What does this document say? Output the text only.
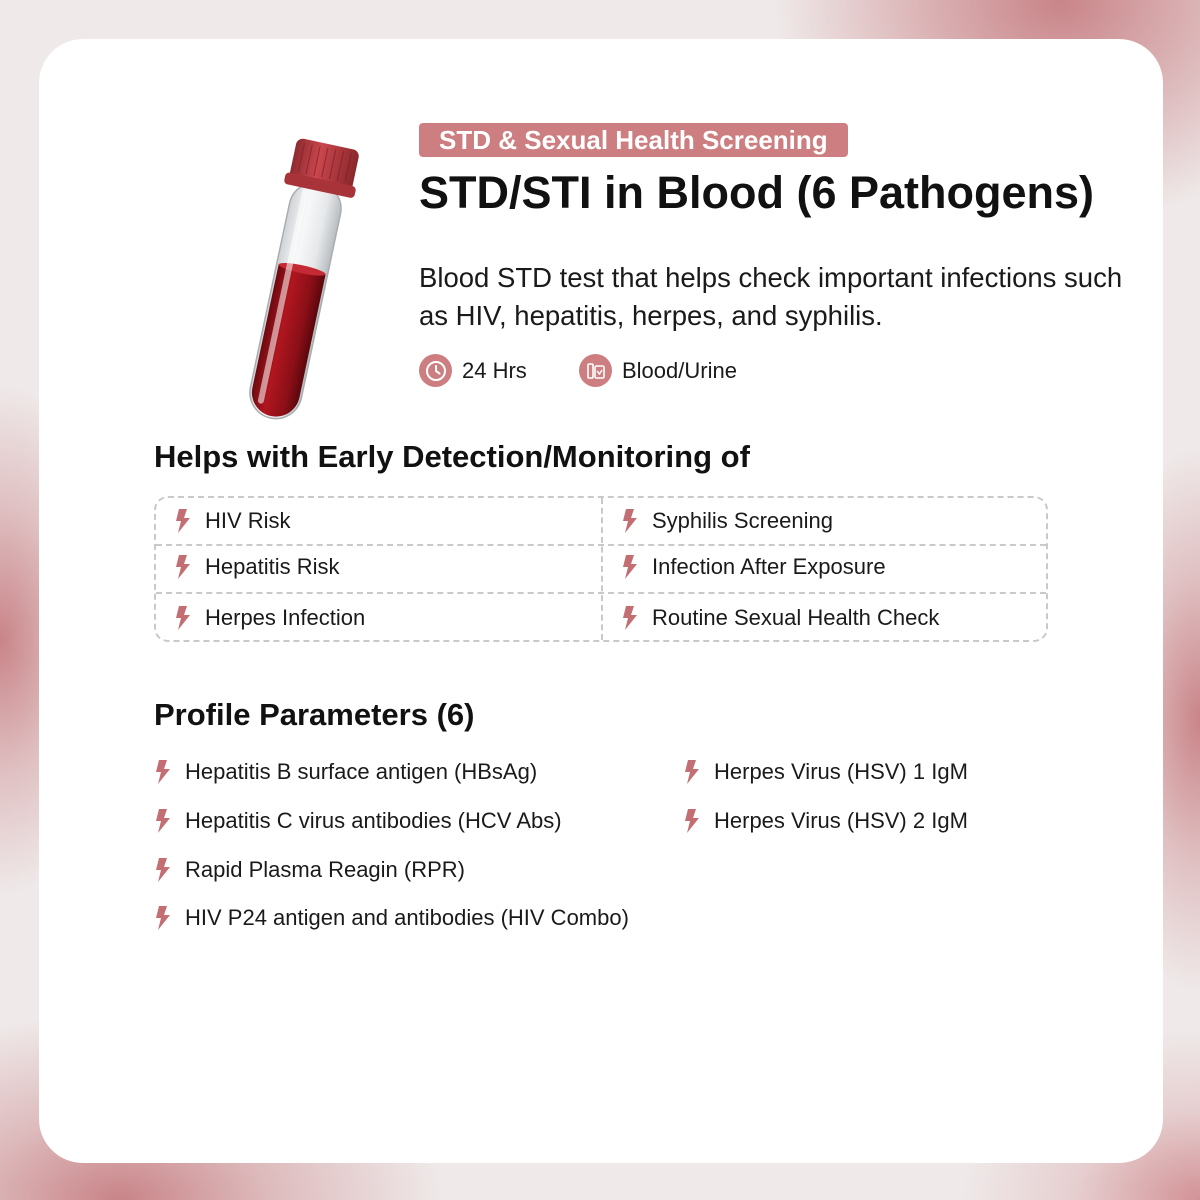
STD & Sexual Health Screening
STD/STI in Blood (6 Pathogens)
Blood STD test that helps check important infections such as HIV, hepatitis, herpes, and syphilis.
24 Hrs	Blood/Urine
Helps with Early Detection/Monitoring of
HIV Risk	Syphilis Screening
Hepatitis Risk	Infection After Exposure
Herpes Infection	Routine Sexual Health Check
Profile Parameters (6)
Hepatitis B surface antigen (HBsAg)
Hepatitis C virus antibodies (HCV Abs)
Rapid Plasma Reagin (RPR)
HIV P24 antigen and antibodies (HIV Combo)
Herpes Virus (HSV) 1 IgM
Herpes Virus (HSV) 2 IgM
